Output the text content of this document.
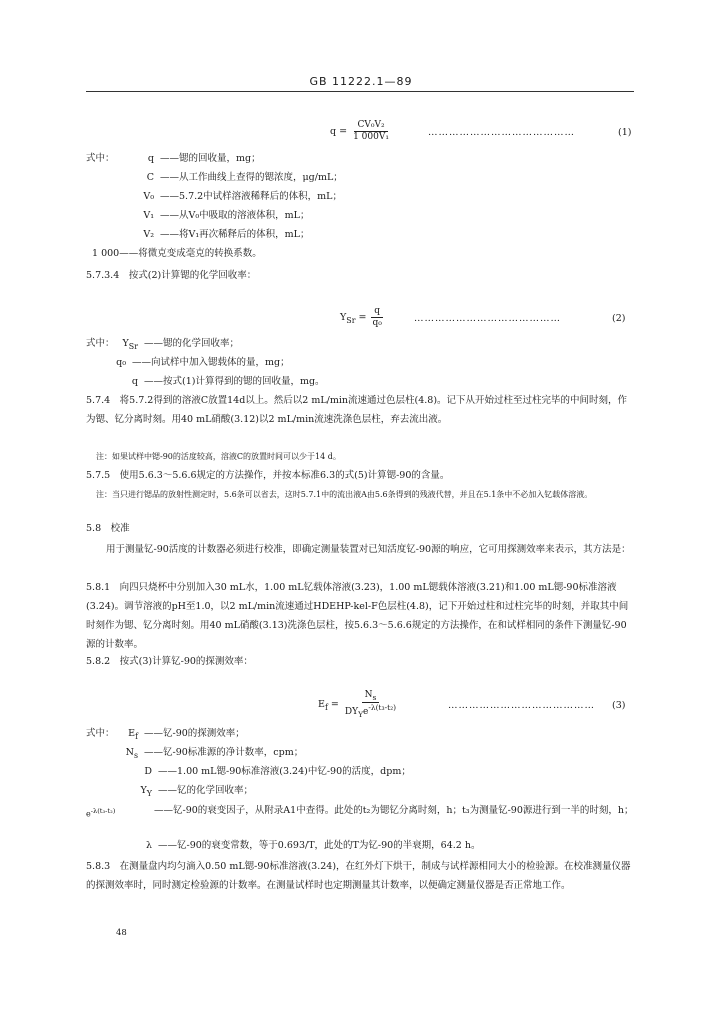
GB 11222.1—89
$q = \frac{\text{CV₀V₂}}{\text{1 000V₁}}$	……………………………………	(1)
式中：	q ——锶的回收量，mg；
C ——从工作曲线上查得的锶浓度，μg/mL；
V₀ ——5.7.2中试样溶液稀释后的体积，mL；
V₁ ——从V₀中吸取的溶液体积，mL；
V₂ ——将V₁再次稀释后的体积，mL；
1 000——将微克变成毫克的转换系数。
5.7.3.4　按式(2)计算锶的化学回收率：
$Y_{Sr} = \frac{q}{\text{q₀}}$	……………………………………	(2)
式中： $Y_{Sr}$ ——锶的化学回收率；
q₀ ——向试样中加入锶载体的量，mg；
q ——按式(1)计算得到的锶的回收量，mg。
5.7.4　将5.7.2得到的溶液C放置14d以上。然后以2 mL/min流速通过色层柱(4.8)。记下从开始过柱至过柱完毕的中间时刻，作为锶、钇分离时刻。用40 mL硝酸(3.12)以2 mL/min流速洗涤色层柱，弃去流出液。
注：如果试样中锶-90的活度较高，溶液C的放置时间可以少于14 d。
5.7.5　使用5.6.3～5.6.6规定的方法操作，并按本标准6.3的式(5)计算锶-90的含量。
注：当只进行锶品的放射性测定时，5.6条可以省去，这时5.7.1中的流出液A由5.6条得到的残液代替，并且在5.1条中不必加入钇载体溶液。
5.8　校准
用于测量钇-90活度的计数器必须进行校准，即确定测量装置对已知活度钇-90源的响应，它可用探测效率来表示，其方法是：
5.8.1　向四只烧杯中分别加入30 mL水，1.00 mL钇载体溶液(3.23)，1.00 mL锶载体溶液(3.21)和1.00 mL锶-90标准溶液(3.24)。调节溶液的pH至1.0，以2 mL/min流速通过HDEHP-kel-F色层柱(4.8)，记下开始过柱和过柱完毕的时刻，并取其中间时刻作为锶、钇分离时刻。用40 mL硝酸(3.13)洗涤色层柱，按5.6.3～5.6.6规定的方法操作，在和试样相同的条件下测量钇-90源的计数率。
5.8.2　按式(3)计算钇-90的探测效率：
$E_f = \frac{N_s}{DY_Ye^{-\lambda(t_3-t_2)}}$	…………………………………… (3)
式中：	$E_f$ ——钇-90的探测效率；
$N_s$ ——钇-90标准源的净计数率，cpm；
D ——1.00 mL锶-90标准溶液(3.24)中钇-90的活度，dpm；
$Y_Y$ ——钇的化学回收率；
$e^{-\lambda(t_3-t_2)}$	——钇-90的衰变因子，从附录A1中查得。此处的t₂为锶钇分离时刻，h；t₃为测量钇-90源进行到一半的时刻，h；
λ ——钇-90的衰变常数，等于0.693/T，此处的T为钇-90的半衰期，64.2 h。
5.8.3　在测量盘内均匀滴入0.50 mL锶-90标准溶液(3.24)，在红外灯下烘干，制成与试样源相同大小的检验源。在校准测量仪器的探测效率时，同时测定检验源的计数率。在测量试样时也定期测量其计数率，以便确定测量仪器是否正常地工作。
48
